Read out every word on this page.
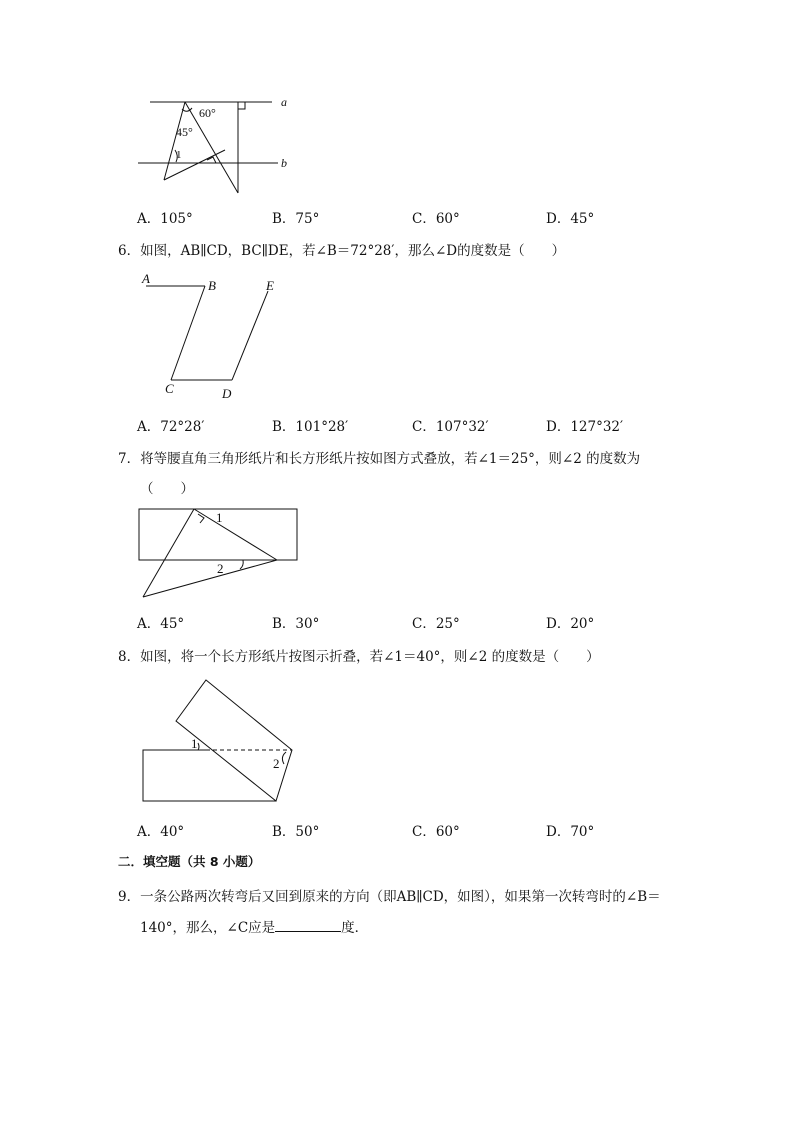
60°
45°
1
a
b
A．105°	B．75°	C．60°	D．45°
6．如图，AB∥CD，BC∥DE，若∠B＝72°28′，那么∠D的度数是（　　）
A	B
C	D
E
A．72°28′	B．101°28′	C．107°32′	D．127°32′
7．将等腰直角三角形纸片和长方形纸片按如图方式叠放，若∠1＝25°，则∠2 的度数为
（　　）
1
2
A．45°	B．30°	C．25°	D．20°
8．如图，将一个长方形纸片按图示折叠，若∠1＝40°，则∠2 的度数是（　　）
1
2
A．40°	B．50°	C．60°	D．70°
二．填空题（共 8 小题）
9．一条公路两次转弯后又回到原来的方向（即AB∥CD，如图），如果第一次转弯时的∠B＝
140°，那么，∠C应是	度．
